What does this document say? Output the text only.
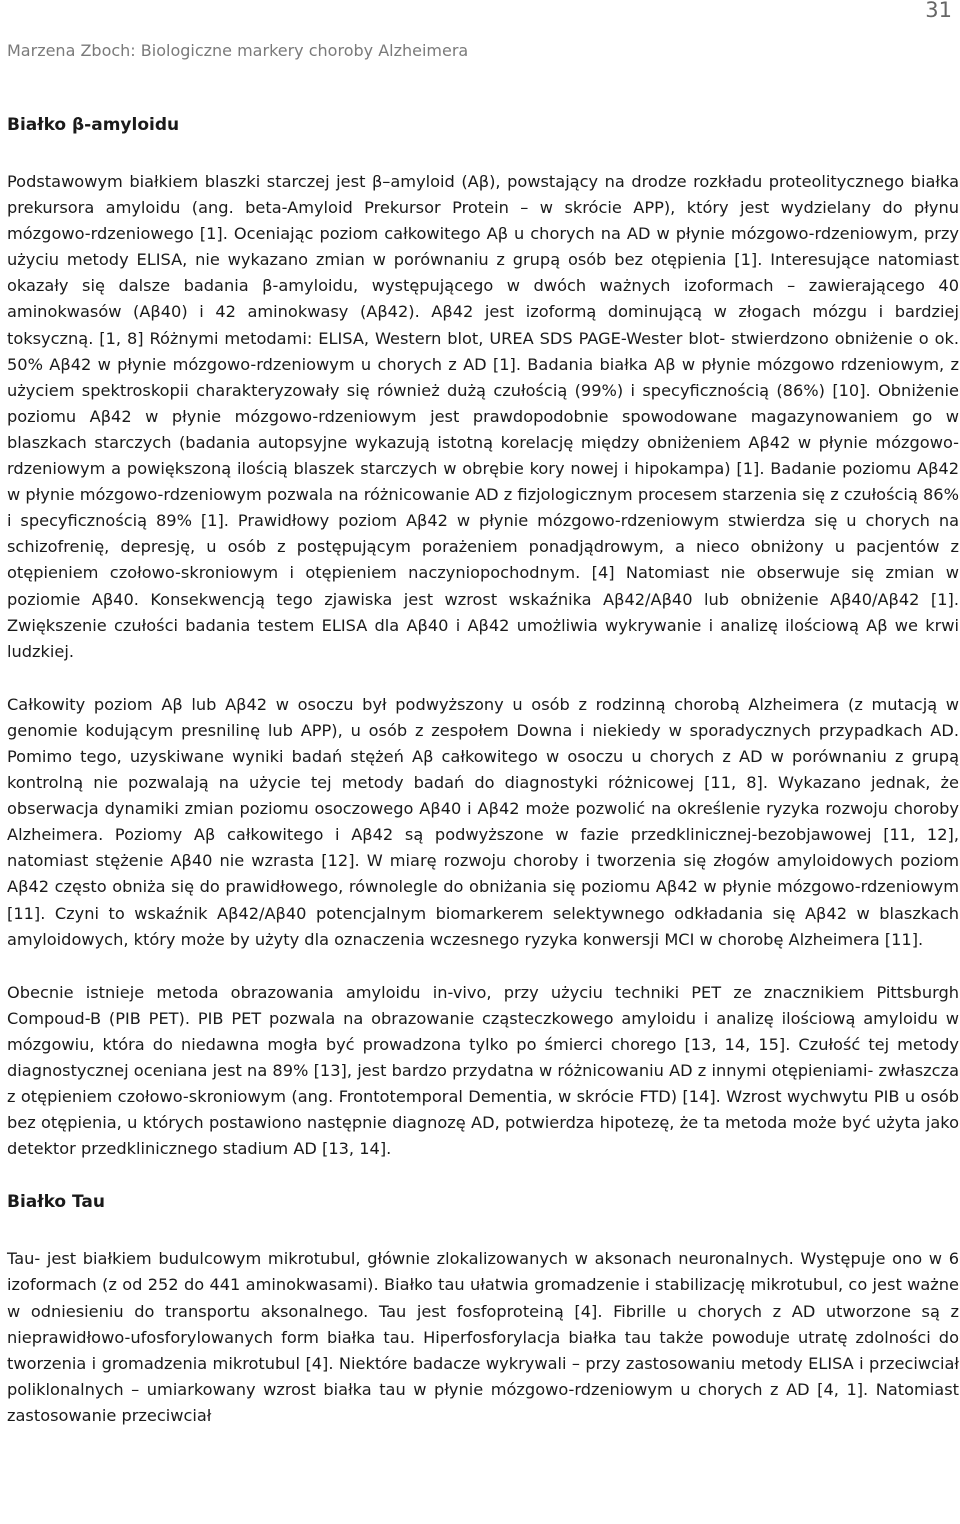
31
Marzena Zboch: Biologiczne markery choroby Alzheimera
Białko β-amyloidu

Podstawowym białkiem blaszki starczej jest β–amyloid (Aβ), powstający na drodze rozkładu proteolitycznego białka prekursora amyloidu (ang. beta-Amyloid Prekursor Protein – w skrócie APP), który jest wydzielany do płynu mózgowo-rdzeniowego [1]. Oceniając poziom całkowitego Aβ u chorych na AD w płynie mózgowo-rdzeniowym, przy użyciu metody ELISA, nie wykazano zmian w porównaniu z grupą osób bez otępienia [1]. Interesujące natomiast okazały się dalsze badania β-amyloidu, występującego w dwóch ważnych izoformach – zawierającego 40 aminokwasów (Aβ40) i 42 aminokwasy (Aβ42). Aβ42 jest izoformą dominującą w złogach mózgu i bardziej toksyczną. [1, 8] Różnymi metodami: ELISA, Western blot, UREA SDS PAGE-Wester blot- stwierdzono obniżenie o ok. 50% Aβ42 w płynie mózgowo-rdzeniowym u chorych z AD [1]. Badania białka Aβ w płynie mózgowo rdzeniowym, z użyciem spektroskopii charakteryzowały się również dużą czułością (99%) i specyficznością (86%) [10]. Obniżenie poziomu Aβ42 w płynie mózgowo-rdzeniowym jest prawdopodobnie spowodowane magazynowaniem go w blaszkach starczych (badania autopsyjne wykazują istotną korelację między obniżeniem Aβ42 w płynie mózgowo-rdzeniowym a powiększoną ilością blaszek starczych w obrębie kory nowej i hipokampa) [1]. Badanie poziomu Aβ42 w płynie mózgowo-rdzeniowym pozwala na różnicowanie AD z fizjologicznym procesem starzenia się z czułością 86% i specyficznością 89% [1]. Prawidłowy poziom Aβ42 w płynie mózgowo-rdzeniowym stwierdza się u chorych na schizofrenię, depresję, u osób z postępującym porażeniem ponadjądrowym, a nieco obniżony u pacjentów z otępieniem czołowo-skroniowym i otępieniem naczyniopochodnym. [4] Natomiast nie obserwuje się zmian w poziomie Aβ40. Konsekwencją tego zjawiska jest wzrost wskaźnika Aβ42/Aβ40 lub obniżenie Aβ40/Aβ42 [1]. Zwiększenie czułości badania testem ELISA dla Aβ40 i Aβ42 umożliwia wykrywanie i analizę ilościową Aβ we krwi ludzkiej.

Całkowity poziom Aβ lub Aβ42 w osoczu był podwyższony u osób z rodzinną chorobą Alzheimera (z mutacją w genomie kodującym presnilinę lub APP), u osób z zespołem Downa i niekiedy w sporadycznych przypadkach AD. Pomimo tego, uzyskiwane wyniki badań stężeń Aβ całkowitego w osoczu u chorych z AD w porównaniu z grupą kontrolną nie pozwalają na użycie tej metody badań do diagnostyki różnicowej [11, 8]. Wykazano jednak, że obserwacja dynamiki zmian poziomu osoczowego Aβ40 i Aβ42 może pozwolić na określenie ryzyka rozwoju choroby Alzheimera. Poziomy Aβ całkowitego i Aβ42 są podwyższone w fazie przedklinicznej-bezobjawowej [11, 12], natomiast stężenie Aβ40 nie wzrasta [12]. W miarę rozwoju choroby i tworzenia się złogów amyloidowych poziom Aβ42 często obniża się do prawidłowego, równolegle do obniżania się poziomu Aβ42 w płynie mózgowo-rdzeniowym [11]. Czyni to wskaźnik Aβ42/Aβ40 potencjalnym biomarkerem selektywnego odkładania się Aβ42 w blaszkach amyloidowych, który może by użyty dla oznaczenia wczesnego ryzyka konwersji MCI w chorobę Alzheimera [11].

Obecnie istnieje metoda obrazowania amyloidu in-vivo, przy użyciu techniki PET ze znacznikiem Pittsburgh Compoud-B (PIB PET). PIB PET pozwala na obrazowanie cząsteczkowego amyloidu i analizę ilościową amyloidu w mózgowiu, która do niedawna mogła być prowadzona tylko po śmierci chorego [13, 14, 15]. Czułość tej metody diagnostycznej oceniana jest na 89% [13], jest bardzo przydatna w różnicowaniu AD z innymi otępieniami- zwłaszcza z otępieniem czołowo-skroniowym (ang. Frontotemporal Dementia, w skrócie FTD) [14]. Wzrost wychwytu PIB u osób bez otępienia, u których postawiono następnie diagnozę AD, potwierdza hipotezę, że ta metoda może być użyta jako detektor przedklinicznego stadium AD [13, 14].

Białko Tau

Tau- jest białkiem budulcowym mikrotubul, głównie zlokalizowanych w aksonach neuronalnych. Występuje ono w 6 izoformach (z od 252 do 441 aminokwasami). Białko tau ułatwia gromadzenie i stabilizację mikrotubul, co jest ważne w odniesieniu do transportu aksonalnego. Tau jest fosfoproteiną [4]. Fibrille u chorych z AD utworzone są z nieprawidłowo-ufosforylowanych form białka tau. Hiperfosforylacja białka tau także powoduje utratę zdolności do tworzenia i gromadzenia mikrotubul [4]. Niektóre badacze wykrywali – przy zastosowaniu metody ELISA i przeciwciał poliklonalnych – umiarkowany wzrost białka tau w płynie mózgowo-rdzeniowym u chorych z AD [4, 1]. Natomiast zastosowanie przeciwciał
